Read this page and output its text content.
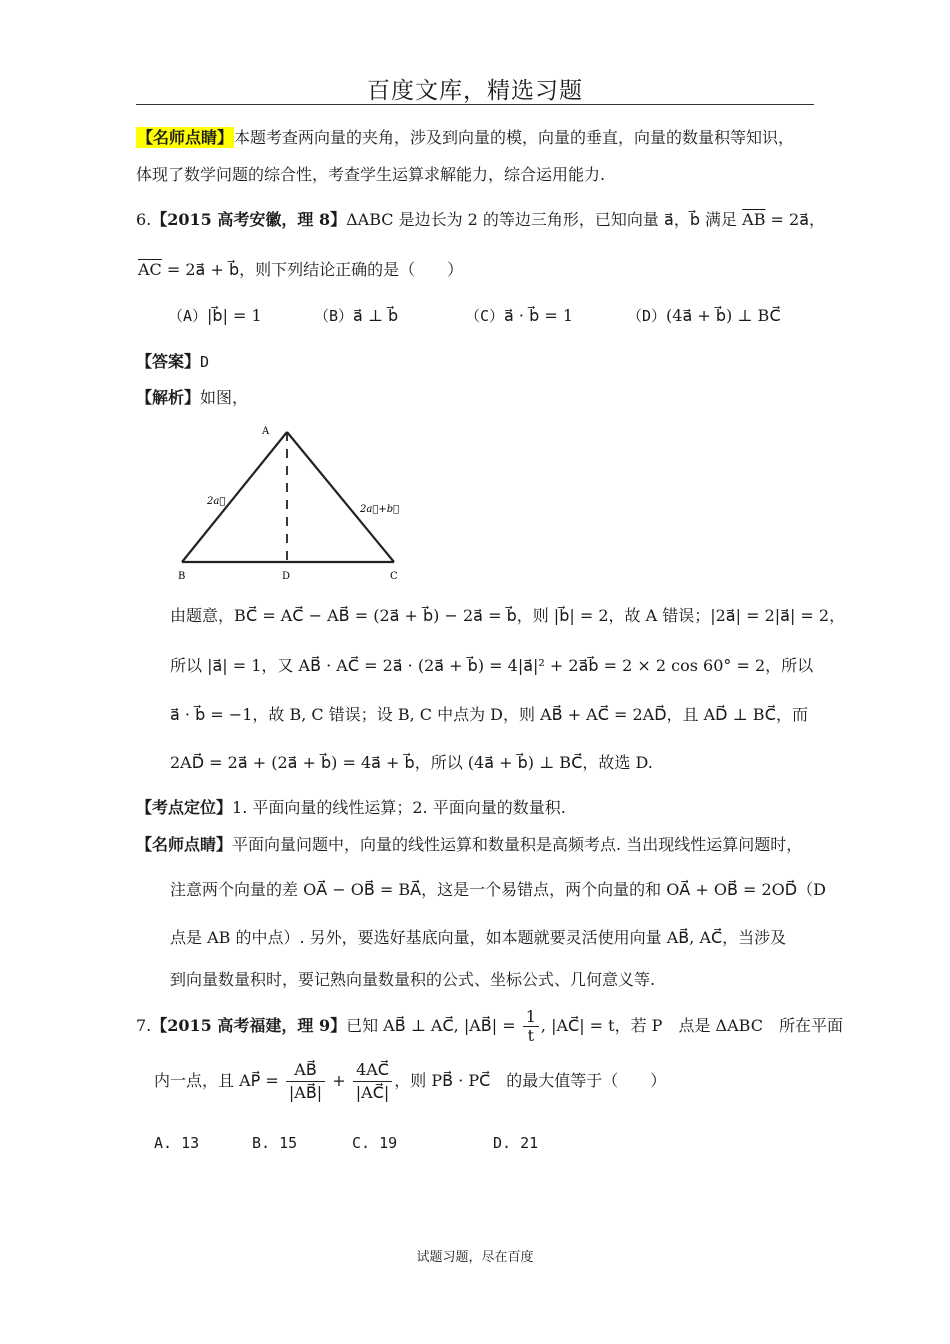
百度文库，精选习题
【名师点睛】本题考查两向量的夹角，涉及到向量的模，向量的垂直，向量的数量积等知识，
体现了数学问题的综合性，考查学生运算求解能力，综合运用能力.
6.【2015 高考安徽，理 8】ΔABC 是边长为 2 的等边三角形，已知向量 a⃗，b⃗ 满足 $\overline{AB}$ = 2a⃗，
$\overline{AC}$ = 2a⃗ + b⃗，则下列结论正确的是（　　）
（A）|b⃗| = 1	（B）a⃗ ⊥ b⃗	（C）a⃗ · b⃗ = 1	（D）(4a⃗ + b⃗) ⊥ BC⃗
【答案】D
【解析】如图，
A
B	D	C
2a⃗
2a⃗+b⃗
由题意，BC⃗ = AC⃗ − AB⃗ = (2a⃗ + b⃗) − 2a⃗ = b⃗，则 |b⃗| = 2，故 A 错误；|2a⃗| = 2|a⃗| = 2，
所以 |a⃗| = 1，又 AB⃗ · AC⃗ = 2a⃗ · (2a⃗ + b⃗) = 4|a⃗|² + 2a⃗b⃗ = 2 × 2 cos 60° = 2，所以
a⃗ · b⃗ = −1，故 B, C 错误；设 B, C 中点为 D，则 AB⃗ + AC⃗ = 2AD⃗，且 AD⃗ ⊥ BC⃗，而
2AD⃗ = 2a⃗ + (2a⃗ + b⃗) = 4a⃗ + b⃗，所以 (4a⃗ + b⃗) ⊥ BC⃗，故选 D.
【考点定位】1. 平面向量的线性运算；2. 平面向量的数量积.
【名师点睛】平面向量问题中，向量的线性运算和数量积是高频考点. 当出现线性运算问题时，
注意两个向量的差 OA⃗ − OB⃗ = BA⃗，这是一个易错点，两个向量的和 OA⃗ + OB⃗ = 2OD⃗（D
点是 AB 的中点）. 另外，要选好基底向量，如本题就要灵活使用向量 AB⃗, AC⃗，当涉及
到向量数量积时，要记熟向量数量积的公式、坐标公式、几何意义等.
7.【2015 高考福建，理 9】已知 AB⃗ ⊥ AC⃗, |AB⃗| = $\frac{1}{t}$ , |AC⃗| = t，若 P　点是 ΔABC　所在平面
内一点，且 AP⃗ = $\frac{AB⃗}{|AB⃗|} + \frac{4AC⃗}{|AC⃗|}$ ，则 PB⃗ · PC⃗　的最大值等于（　　）
A. 13	B. 15	C. 19	D. 21
试题习题，尽在百度
